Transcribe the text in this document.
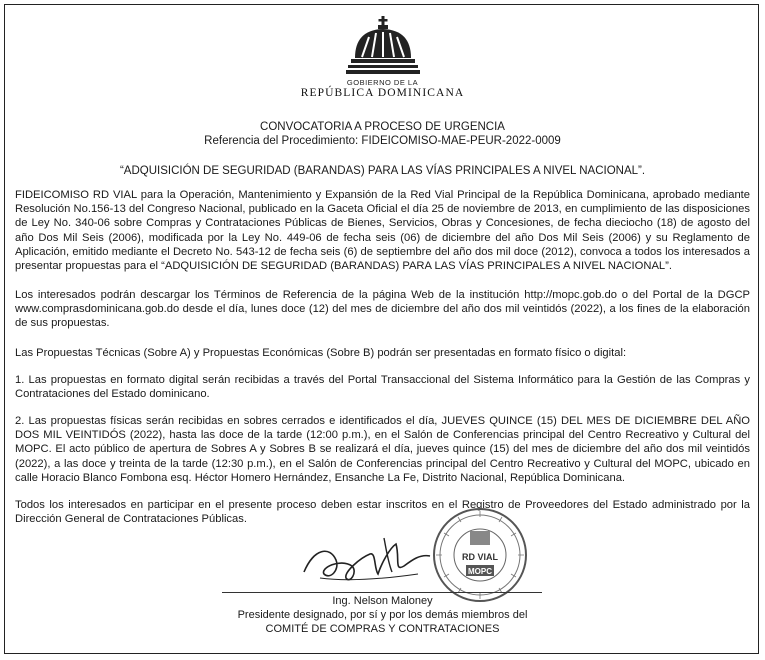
GOBIERNO DE LA
REPÚBLICA DOMINICANA
CONVOCATORIA A PROCESO DE URGENCIA
Referencia del Procedimiento: FIDEICOMISO-MAE-PEUR-2022-0009
“ADQUISICIÓN DE SEGURIDAD (BARANDAS) PARA LAS VÍAS PRINCIPALES A NIVEL NACIONAL”.

FIDEICOMISO RD VIAL para la Operación, Mantenimiento y Expansión de la Red Vial Principal de la República Dominicana, aprobado mediante Resolución No.156-13 del Congreso Nacional, publicado en la Gaceta Oficial el día 25 de noviembre de 2013, en cumplimiento de las disposiciones de Ley No. 340-06 sobre Compras y Contrataciones Públicas de Bienes, Servicios, Obras y Concesiones, de fecha dieciocho (18) de agosto del año Dos Mil Seis (2006), modificada por la Ley No. 449-06 de fecha seis (06) de diciembre del año Dos Mil Seis (2006) y su Reglamento de Aplicación, emitido mediante el Decreto No. 543-12 de fecha seis (6) de septiembre del año dos mil doce (2012), convoca a todos los interesados a presentar propuestas para el “ADQUISICIÓN DE SEGURIDAD (BARANDAS) PARA LAS VÍAS PRINCIPALES A NIVEL NACIONAL”.

Los interesados podrán descargar los Términos de Referencia de la página Web de la institución http://mopc.gob.do o del Portal de la DGCP www.comprasdominicana.gob.do desde el día, lunes doce (12) del mes de diciembre del año dos mil veintidós (2022), a los fines de la elaboración de sus propuestas.

Las Propuestas Técnicas (Sobre A) y Propuestas Económicas (Sobre B) podrán ser presentadas en formato físico o digital:

1. Las propuestas en formato digital serán recibidas a través del Portal Transaccional del Sistema Informático para la Gestión de las Compras y Contrataciones del Estado dominicano.

2. Las propuestas físicas serán recibidas en sobres cerrados e identificados el día, JUEVES QUINCE (15) DEL MES DE DICIEMBRE DEL AÑO DOS MIL VEINTIDÓS (2022), hasta las doce de la tarde (12:00 p.m.), en el Salón de Conferencias principal del Centro Recreativo y Cultural del MOPC. El acto público de apertura de Sobres A y Sobres B se realizará el día, jueves quince (15) del mes de diciembre del año dos mil veintidós (2022), a las doce y treinta de la tarde (12:30 p.m.), en el Salón de Conferencias principal del Centro Recreativo y Cultural del MOPC, ubicado en calle Horacio Blanco Fombona esq. Héctor Homero Hernández, Ensanche La Fe, Distrito Nacional, República Dominicana.

Todos los interesados en participar en el presente proceso deben estar inscritos en el Registro de Proveedores del Estado administrado por la Dirección General de Contrataciones Públicas.

RD VIAL
MOPC
Ing. Nelson Maloney
Presidente designado, por sí y por los demás miembros del
COMITÉ DE COMPRAS Y CONTRATACIONES
